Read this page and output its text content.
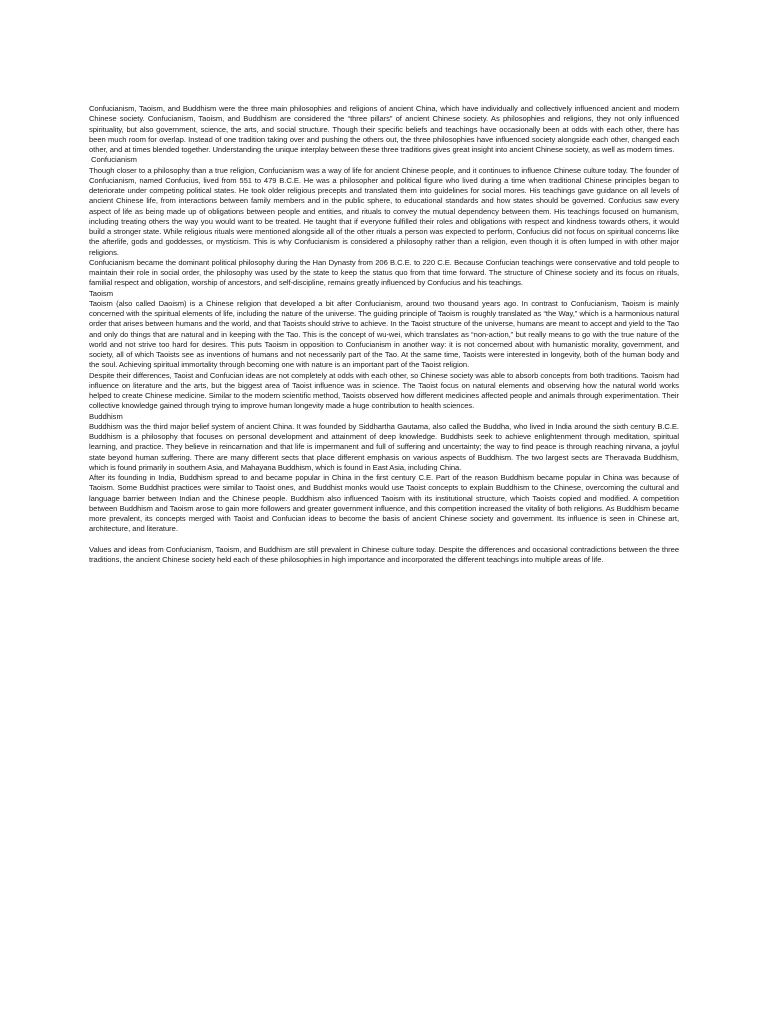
Confucianism, Taoism, and Buddhism were the three main philosophies and religions of ancient China, which have individually and collectively influenced ancient and modern Chinese society. Confucianism, Taoism, and Buddhism are considered the “three pillars” of ancient Chinese society. As philosophies and religions, they not only influenced spirituality, but also government, science, the arts, and social structure. Though their specific beliefs and teachings have occasionally been at odds with each other, there has been much room for overlap. Instead of one tradition taking over and pushing the others out, the three philosophies have influenced society alongside each other, changed each other, and at times blended together. Understanding the unique interplay between these three traditions gives great insight into ancient Chinese society, as well as modern times.

Confucianism

Though closer to a philosophy than a true religion, Confucianism was a way of life for ancient Chinese people, and it continues to influence Chinese culture today. The founder of Confucianism, named Confucius, lived from 551 to 479 B.C.E. He was a philosopher and political figure who lived during a time when traditional Chinese principles began to deteriorate under competing political states. He took older religious precepts and translated them into guidelines for social mores. His teachings gave guidance on all levels of ancient Chinese life, from interactions between family members and in the public sphere, to educational standards and how states should be governed. Confucius saw every aspect of life as being made up of obligations between people and entities, and rituals to convey the mutual dependency between them. His teachings focused on humanism, including treating others the way you would want to be treated. He taught that if everyone fulfilled their roles and obligations with respect and kindness towards others, it would build a stronger state. While religious rituals were mentioned alongside all of the other rituals a person was expected to perform, Confucius did not focus on spiritual concerns like the afterlife, gods and goddesses, or mysticism. This is why Confucianism is considered a philosophy rather than a religion, even though it is often lumped in with other major religions.

Confucianism became the dominant political philosophy during the Han Dynasty from 206 B.C.E. to 220 C.E. Because Confucian teachings were conservative and told people to maintain their role in social order, the philosophy was used by the state to keep the status quo from that time forward. The structure of Chinese society and its focus on rituals, familial respect and obligation, worship of ancestors, and self-discipline, remains greatly influenced by Confucius and his teachings.

Taoism

Taoism (also called Daoism) is a Chinese religion that developed a bit after Confucianism, around two thousand years ago. In contrast to Confucianism, Taoism is mainly concerned with the spiritual elements of life, including the nature of the universe. The guiding principle of Taoism is roughly translated as “the Way,” which is a harmonious natural order that arises between humans and the world, and that Taoists should strive to achieve. In the Taoist structure of the universe, humans are meant to accept and yield to the Tao and only do things that are natural and in keeping with the Tao. This is the concept of wu-wei, which translates as “non-action,” but really means to go with the true nature of the world and not strive too hard for desires. This puts Taoism in opposition to Confucianism in another way: it is not concerned about with humanistic morality, government, and society, all of which Taoists see as inventions of humans and not necessarily part of the Tao. At the same time, Taoists were interested in longevity, both of the human body and the soul. Achieving spiritual immortality through becoming one with nature is an important part of the Taoist religion.

Despite their differences, Taoist and Confucian ideas are not completely at odds with each other, so Chinese society was able to absorb concepts from both traditions. Taoism had influence on literature and the arts, but the biggest area of Taoist influence was in science. The Taoist focus on natural elements and observing how the natural world works helped to create Chinese medicine. Similar to the modern scientific method, Taoists observed how different medicines affected people and animals through experimentation. Their collective knowledge gained through trying to improve human longevity made a huge contribution to health sciences.

Buddhism

Buddhism was the third major belief system of ancient China. It was founded by Siddhartha Gautama, also called the Buddha, who lived in India around the sixth century B.C.E. Buddhism is a philosophy that focuses on personal development and attainment of deep knowledge. Buddhists seek to achieve enlightenment through meditation, spiritual learning, and practice. They believe in reincarnation and that life is impermanent and full of suffering and uncertainty; the way to find peace is through reaching nirvana, a joyful state beyond human suffering. There are many different sects that place different emphasis on various aspects of Buddhism. The two largest sects are Theravada Buddhism, which is found primarily in southern Asia, and Mahayana Buddhism, which is found in East Asia, including China.

After its founding in India, Buddhism spread to and became popular in China in the first century C.E. Part of the reason Buddhism became popular in China was because of Taoism. Some Buddhist practices were similar to Taoist ones, and Buddhist monks would use Taoist concepts to explain Buddhism to the Chinese, overcoming the cultural and language barrier between Indian and the Chinese people. Buddhism also influenced Taoism with its institutional structure, which Taoists copied and modified. A competition between Buddhism and Taoism arose to gain more followers and greater government influence, and this competition increased the vitality of both religions. As Buddhism became more prevalent, its concepts merged with Taoist and Confucian ideas to become the basis of ancient Chinese society and government. Its influence is seen in Chinese art, architecture, and literature.

Values and ideas from Confucianism, Taoism, and Buddhism are still prevalent in Chinese culture today. Despite the differences and occasional contradictions between the three traditions, the ancient Chinese society held each of these philosophies in high importance and incorporated the different teachings into multiple areas of life.
